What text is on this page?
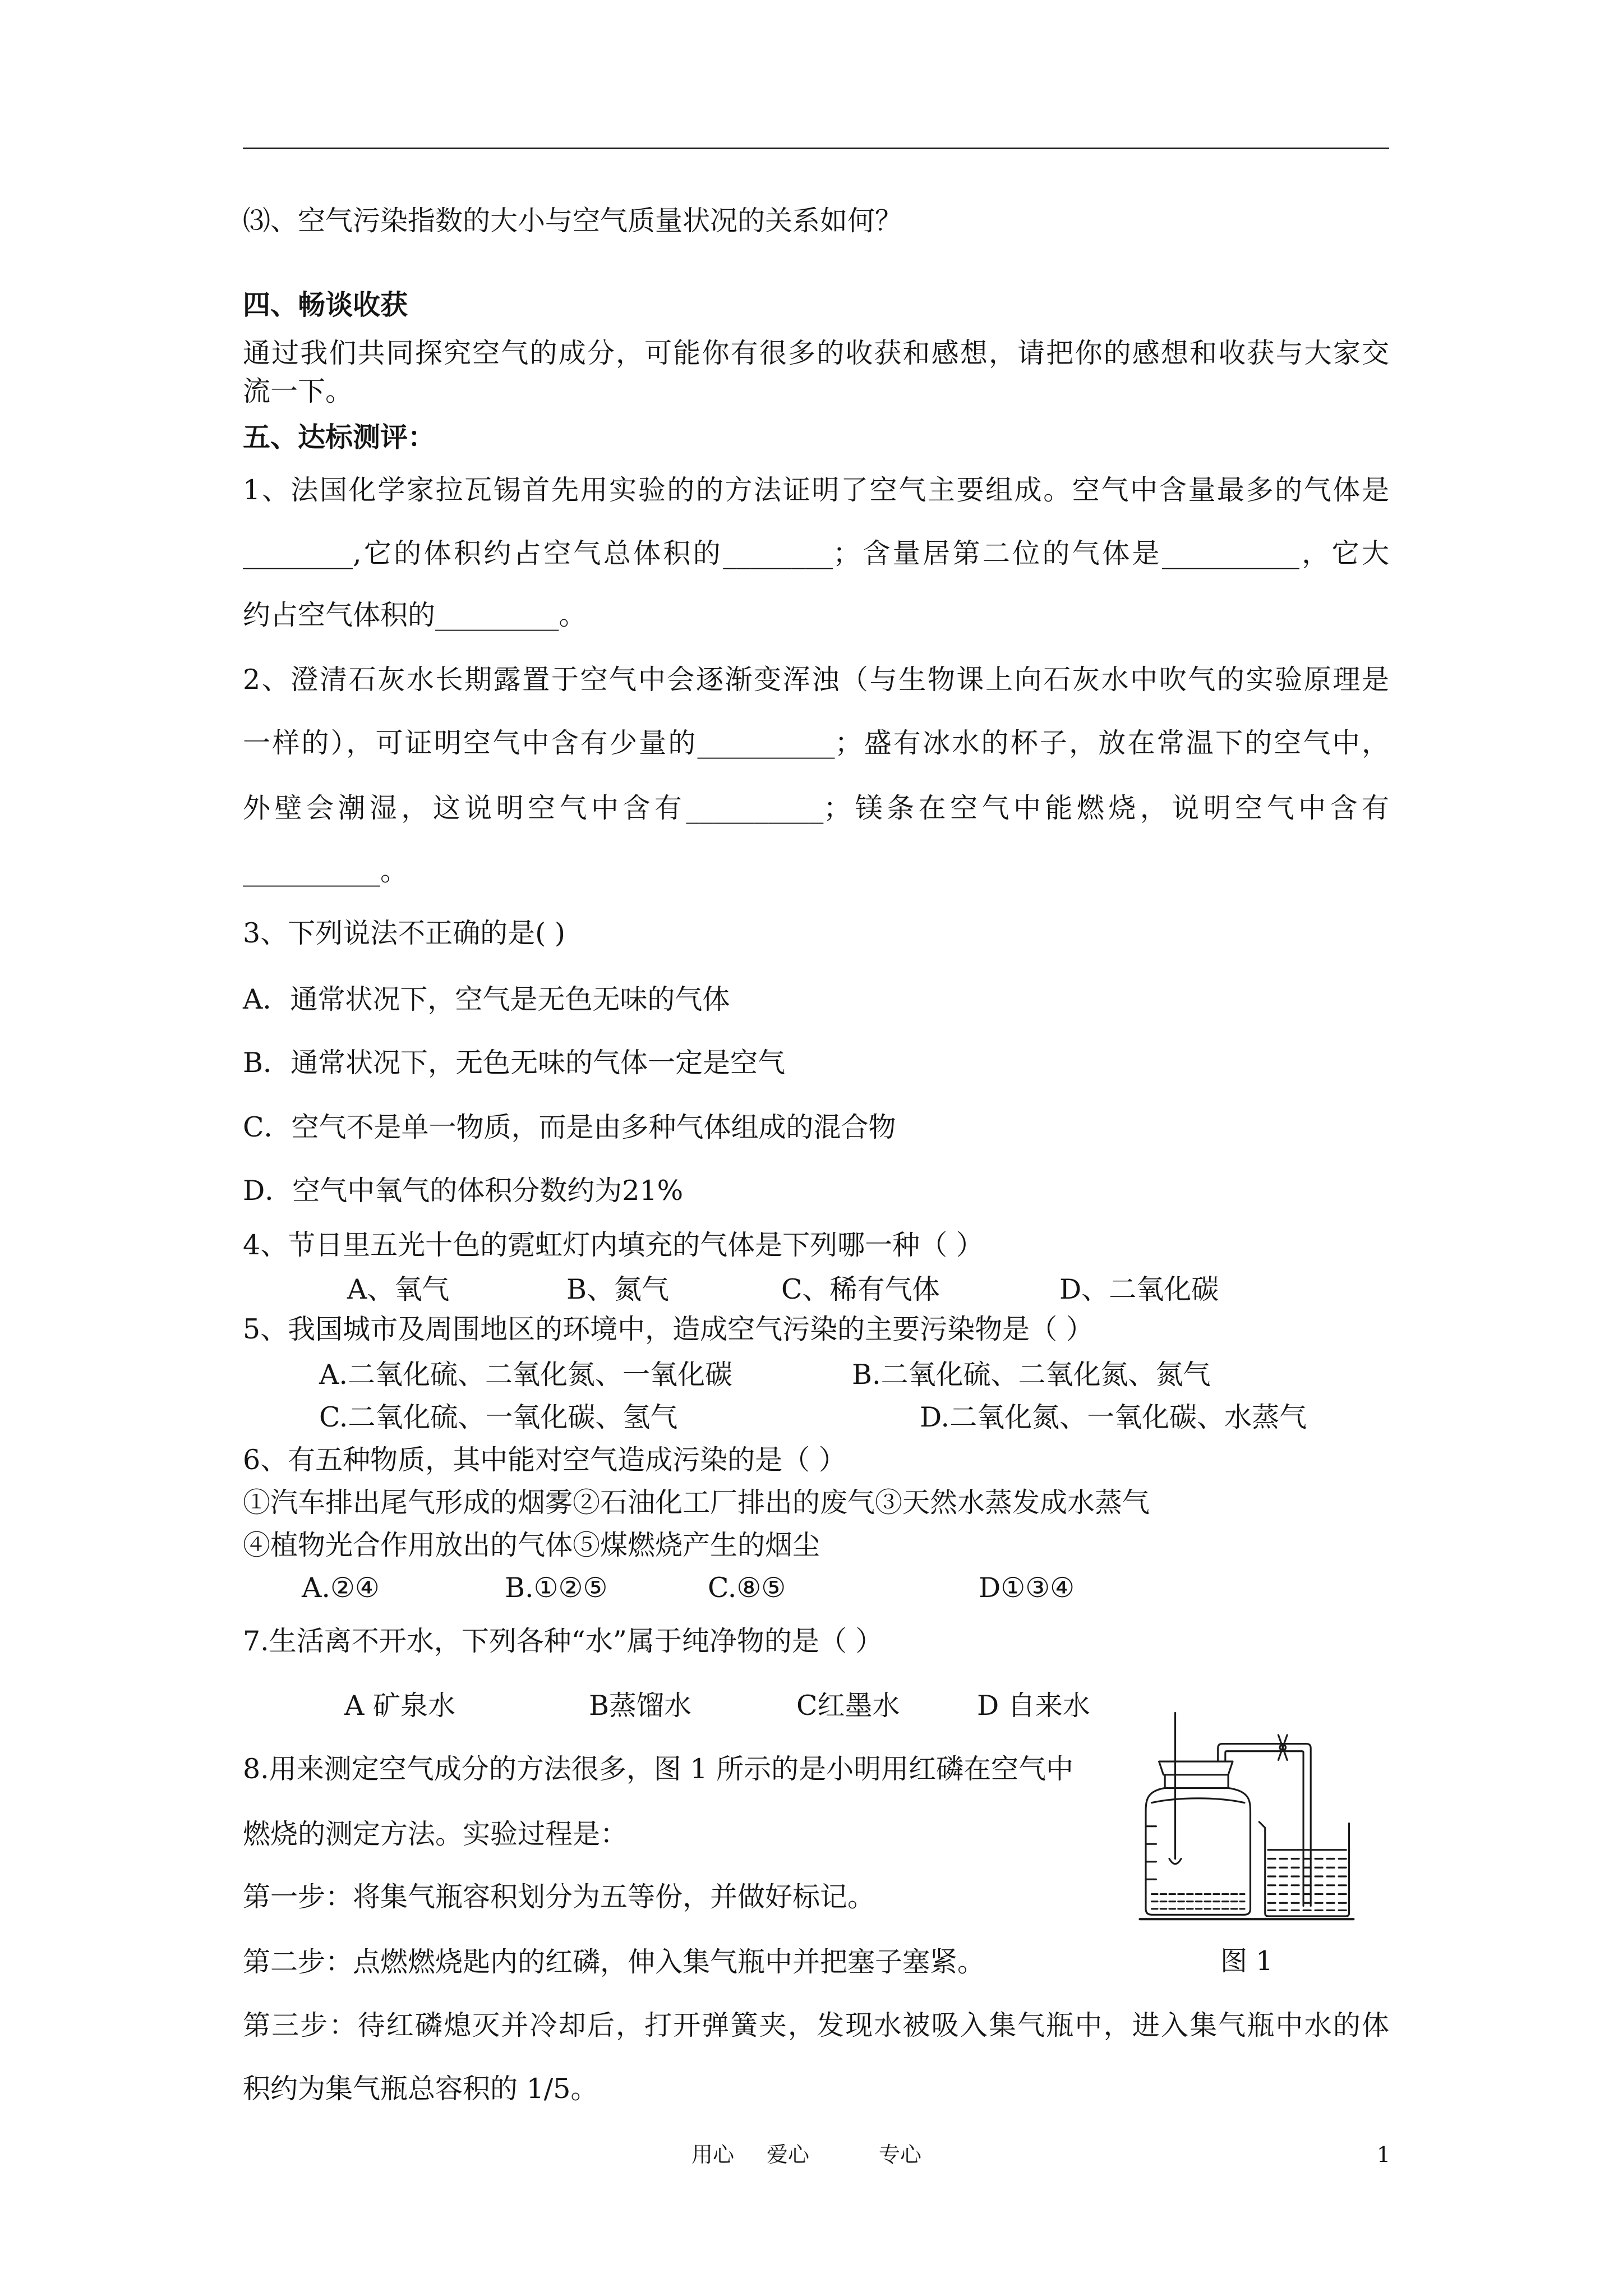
⑶、空气污染指数的大小与空气质量状况的关系如何？
四、畅谈收获
通过我们共同探究空气的成分，可能你有很多的收获和感想，请把你的感想和收获与大家交
流一下。
五、达标测评：
1、法国化学家拉瓦锡首先用实验的的方法证明了空气主要组成。空气中含量最多的气体是
________,它的体积约占空气总体积的________；含量居第二位的气体是__________，它大
约占空气体积的_________。
2、澄清石灰水长期露置于空气中会逐渐变浑浊（与生物课上向石灰水中吹气的实验原理是
一样的），可证明空气中含有少量的__________；盛有冰水的杯子，放在常温下的空气中，
外壁会潮湿，这说明空气中含有__________；镁条在空气中能燃烧，说明空气中含有
__________。
3、下列说法不正确的是( )
A．通常状况下，空气是无色无味的气体
B．通常状况下，无色无味的气体一定是空气
C．空气不是单一物质，而是由多种气体组成的混合物
D．空气中氧气的体积分数约为21%
4、节日里五光十色的霓虹灯内填充的气体是下列哪一种（ ）
A、氧气	B、氮气	C、稀有气体	D、二氧化碳
5、我国城市及周围地区的环境中，造成空气污染的主要污染物是（ ）
A.二氧化硫、二氧化氮、一氧化碳	B.二氧化硫、二氧化氮、氮气
C.二氧化硫、一氧化碳、氢气	D.二氧化氮、一氧化碳、水蒸气
6、有五种物质，其中能对空气造成污染的是（ ）
①汽车排出尾气形成的烟雾②石油化工厂排出的废气③天然水蒸发成水蒸气
④植物光合作用放出的气体⑤煤燃烧产生的烟尘
A.②④	B.①②⑤	C.⑧⑤	D①③④
7.生活离不开水，下列各种“水”属于纯净物的是（ ）
A 矿泉水	B蒸馏水	C红墨水	D 自来水
8.用来测定空气成分的方法很多，图 1 所示的是小明用红磷在空气中
燃烧的测定方法。实验过程是：
第一步：将集气瓶容积划分为五等份，并做好标记。
第二步：点燃燃烧匙内的红磷，伸入集气瓶中并把塞子塞紧。
第三步：待红磷熄灭并冷却后，打开弹簧夹，发现水被吸入集气瓶中，进入集气瓶中水的体
积约为集气瓶总容积的 1/5。
图 1
用心 爱心	专心	1
